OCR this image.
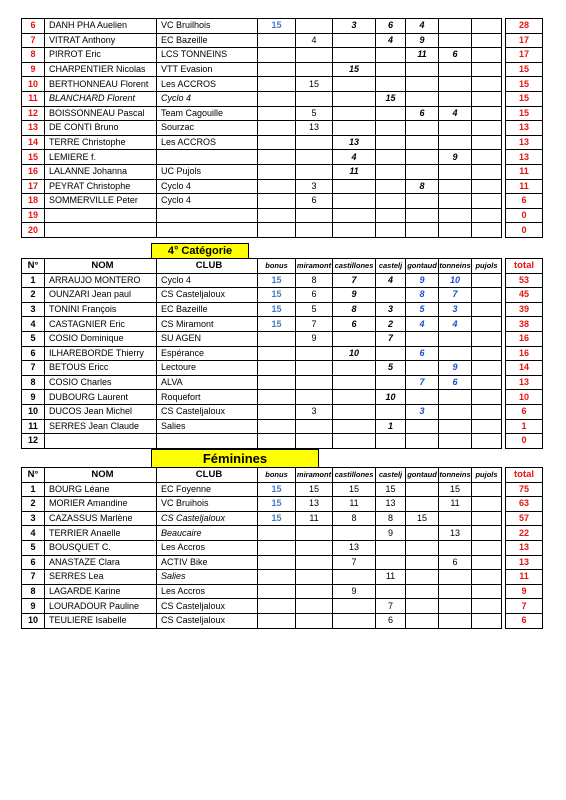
6	DANH PHA Auelien	VC Bruilhois	15		3	6	4				28
7	VITRAT Anthony	EC Bazeille		4		4	9				17
8	PIRROT Eric	LCS TONNEINS					11	6			17
9	CHARPENTIER Nicolas	VTT Evasion			15						15
10	BERTHONNEAU Florent	Les ACCROS		15							15
11	BLANCHARD Florent	Cyclo 4				15					15
12	BOISSONNEAU Pascal	Team Cagouille		5			6	4			15
13	DE CONTI Bruno	Sourzac		13							13
14	TERRE Christophe	Les ACCROS			13						13
15	LEMIERE f.				4			9			13
16	LALANNE Johanna	UC Pujols			11						11
17	PEYRAT Christophe	Cyclo 4		3			8				11
18	SOMMERVILLE Peter	Cyclo 4		6							6
19											0
20											0
4° Catégorie
N°	NOM	CLUB	bonus	miramont	castillones	castelj	gontaud	tonneins	pujols		total
1	ARRAUJO MONTERO	Cyclo 4	15	8	7	4	9	10			53
2	OUNZARI Jean paul	CS Casteljaloux	15	6	9		8	7			45
3	TONINI François	EC Bazeille	15	5	8	3	5	3			39
4	CASTAGNIER Eric	CS Miramont	15	7	6	2	4	4			38
5	COSIO Dominique	SU AGEN		9		7					16
6	ILHAREBORDE Thierry	Espérance			10		6				16
7	BETOUS Ericc	Lectoure				5		9			14
8	COSIO Charles	ALVA					7	6			13
9	DUBOURG Laurent	Roquefort				10					10
10	DUCOS Jean Michel	CS Casteljaloux		3			3				6
11	SERRES Jean Claude	Salies				1					1
12											0
Féminines
N°	NOM	CLUB	bonus	miramont	castillones	castelj	gontaud	tonneins	pujols		total
1	BOURG Léane	EC Foyenne	15	15	15	15		15			75
2	MORIER Amandine	VC Bruihois	15	13	11	13		11			63
3	CAZASSUS Marlène	CS Casteljaloux	15	11	8	8	15				57
4	TERRIER Anaelle	Beaucaire				9		13			22
5	BOUSQUET C.	Les Accros			13						13
6	ANASTAZE Clara	ACTIV Bike			7			6			13
7	SERRES Lea	Salies				11					11
8	LAGARDE Karine	Les Accros			9						9
9	LOURADOUR Pauline	CS Casteljaloux				7					7
10	TEULIERE Isabelle	CS Casteljaloux				6					6
